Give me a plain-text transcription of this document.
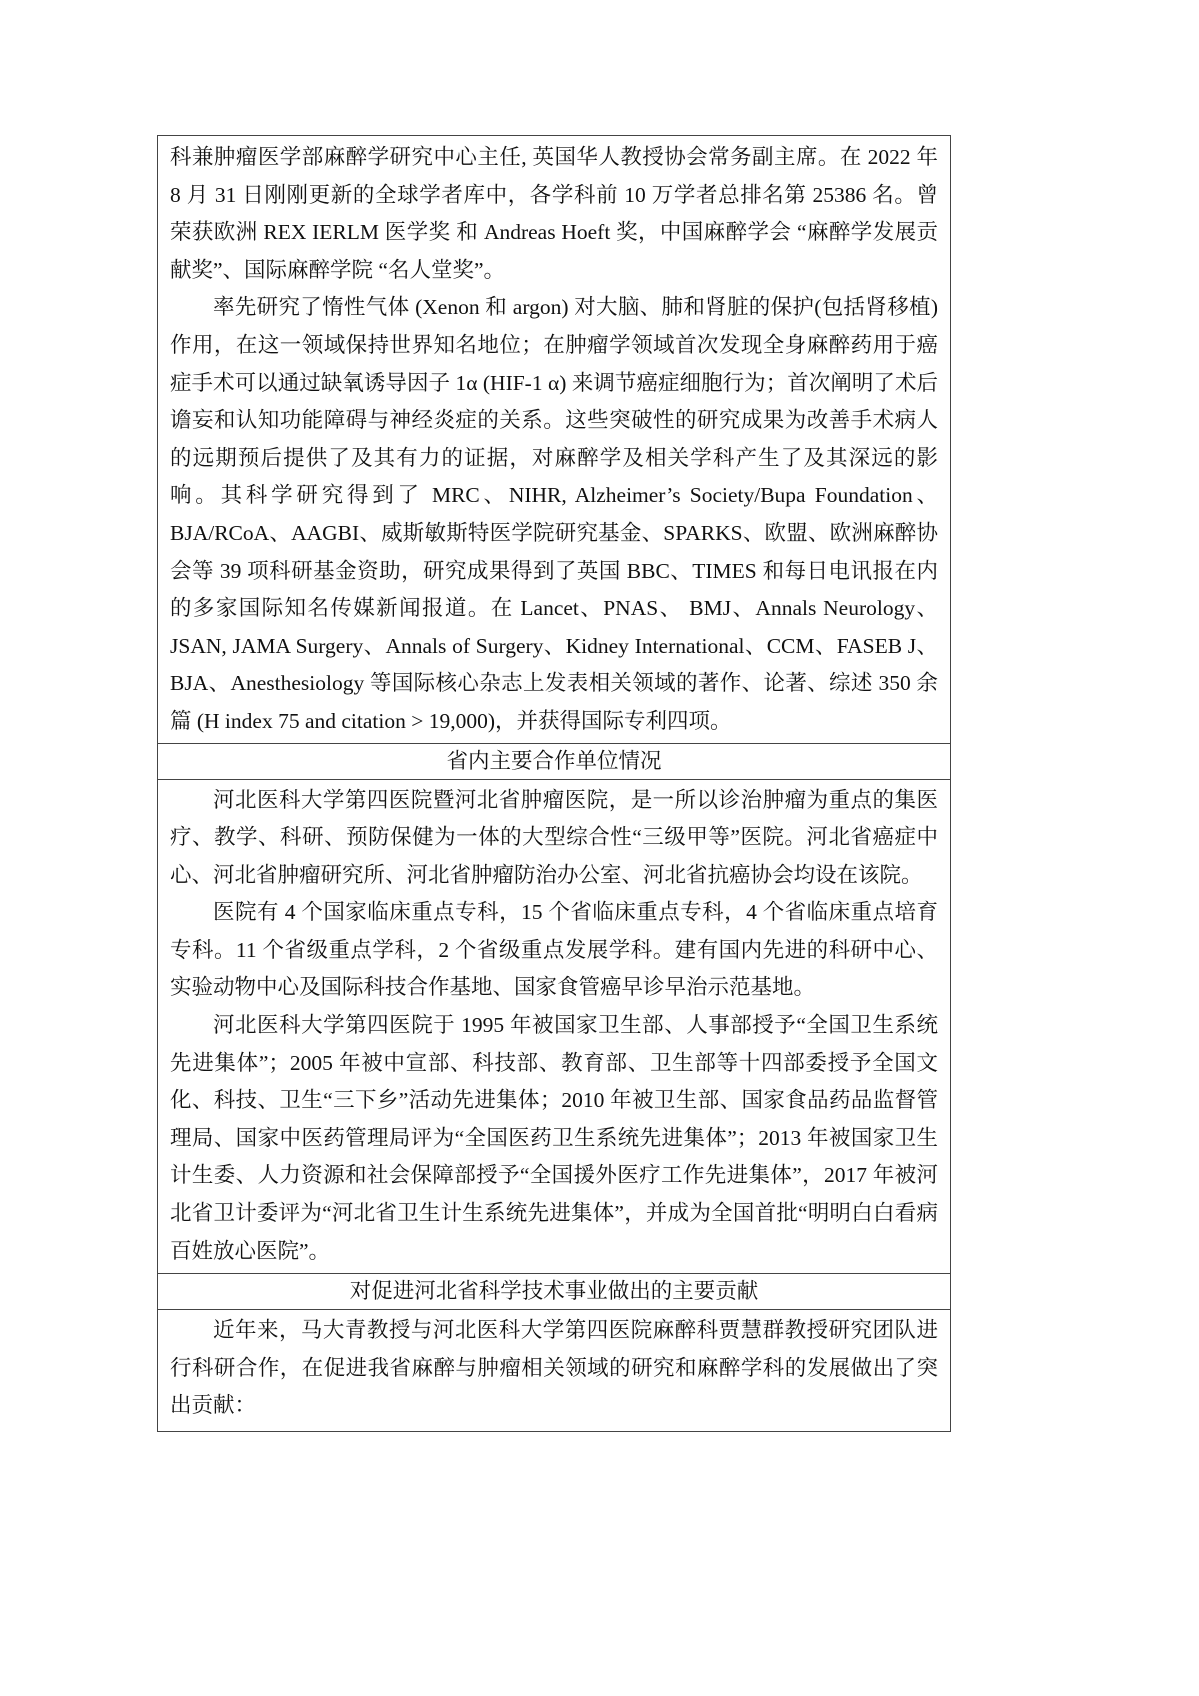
科兼肿瘤医学部麻醉学研究中心主任, 英国华人教授协会常务副主席。在 2022 年 8 月 31 日刚刚更新的全球学者库中，各学科前 10 万学者总排名第 25386 名。曾荣获欧洲 REX IERLM 医学奖 和 Andreas Hoeft 奖，中国麻醉学会 “麻醉学发展贡献奖”、国际麻醉学院 “名人堂奖”。

率先研究了惰性气体 (Xenon 和 argon) 对大脑、肺和肾脏的保护(包括肾移植)作用，在这一领域保持世界知名地位；在肿瘤学领域首次发现全身麻醉药用于癌症手术可以通过缺氧诱导因子 1α (HIF-1 α) 来调节癌症细胞行为；首次阐明了术后谵妄和认知功能障碍与神经炎症的关系。这些突破性的研究成果为改善手术病人的远期预后提供了及其有力的证据，对麻醉学及相关学科产生了及其深远的影响。其科学研究得到了 MRC、NIHR, Alzheimer’s Society/Bupa Foundation、BJA/RCoA、AAGBI、威斯敏斯特医学院研究基金、SPARKS、欧盟、欧洲麻醉协会等 39 项科研基金资助，研究成果得到了英国 BBC、TIMES 和每日电讯报在内的多家国际知名传媒新闻报道。在 Lancet、PNAS、 BMJ、Annals Neurology、JSAN, JAMA Surgery、Annals of Surgery、Kidney International、CCM、FASEB J、BJA、Anesthesiology 等国际核心杂志上发表相关领域的著作、论著、综述 350 余篇 (H index 75 and citation > 19,000)，并获得国际专利四项。

省内主要合作单位情况

河北医科大学第四医院暨河北省肿瘤医院，是一所以诊治肿瘤为重点的集医疗、教学、科研、预防保健为一体的大型综合性“三级甲等”医院。河北省癌症中心、河北省肿瘤研究所、河北省肿瘤防治办公室、河北省抗癌协会均设在该院。

医院有 4 个国家临床重点专科，15 个省临床重点专科，4 个省临床重点培育专科。11 个省级重点学科，2 个省级重点发展学科。建有国内先进的科研中心、实验动物中心及国际科技合作基地、国家食管癌早诊早治示范基地。

河北医科大学第四医院于 1995 年被国家卫生部、人事部授予“全国卫生系统先进集体”；2005 年被中宣部、科技部、教育部、卫生部等十四部委授予全国文化、科技、卫生“三下乡”活动先进集体；2010 年被卫生部、国家食品药品监督管理局、国家中医药管理局评为“全国医药卫生系统先进集体”；2013 年被国家卫生计生委、人力资源和社会保障部授予“全国援外医疗工作先进集体”，2017 年被河北省卫计委评为“河北省卫生计生系统先进集体”，并成为全国首批“明明白白看病百姓放心医院”。

对促进河北省科学技术事业做出的主要贡献

近年来，马大青教授与河北医科大学第四医院麻醉科贾慧群教授研究团队进行科研合作，在促进我省麻醉与肿瘤相关领域的研究和麻醉学科的发展做出了突出贡献：
